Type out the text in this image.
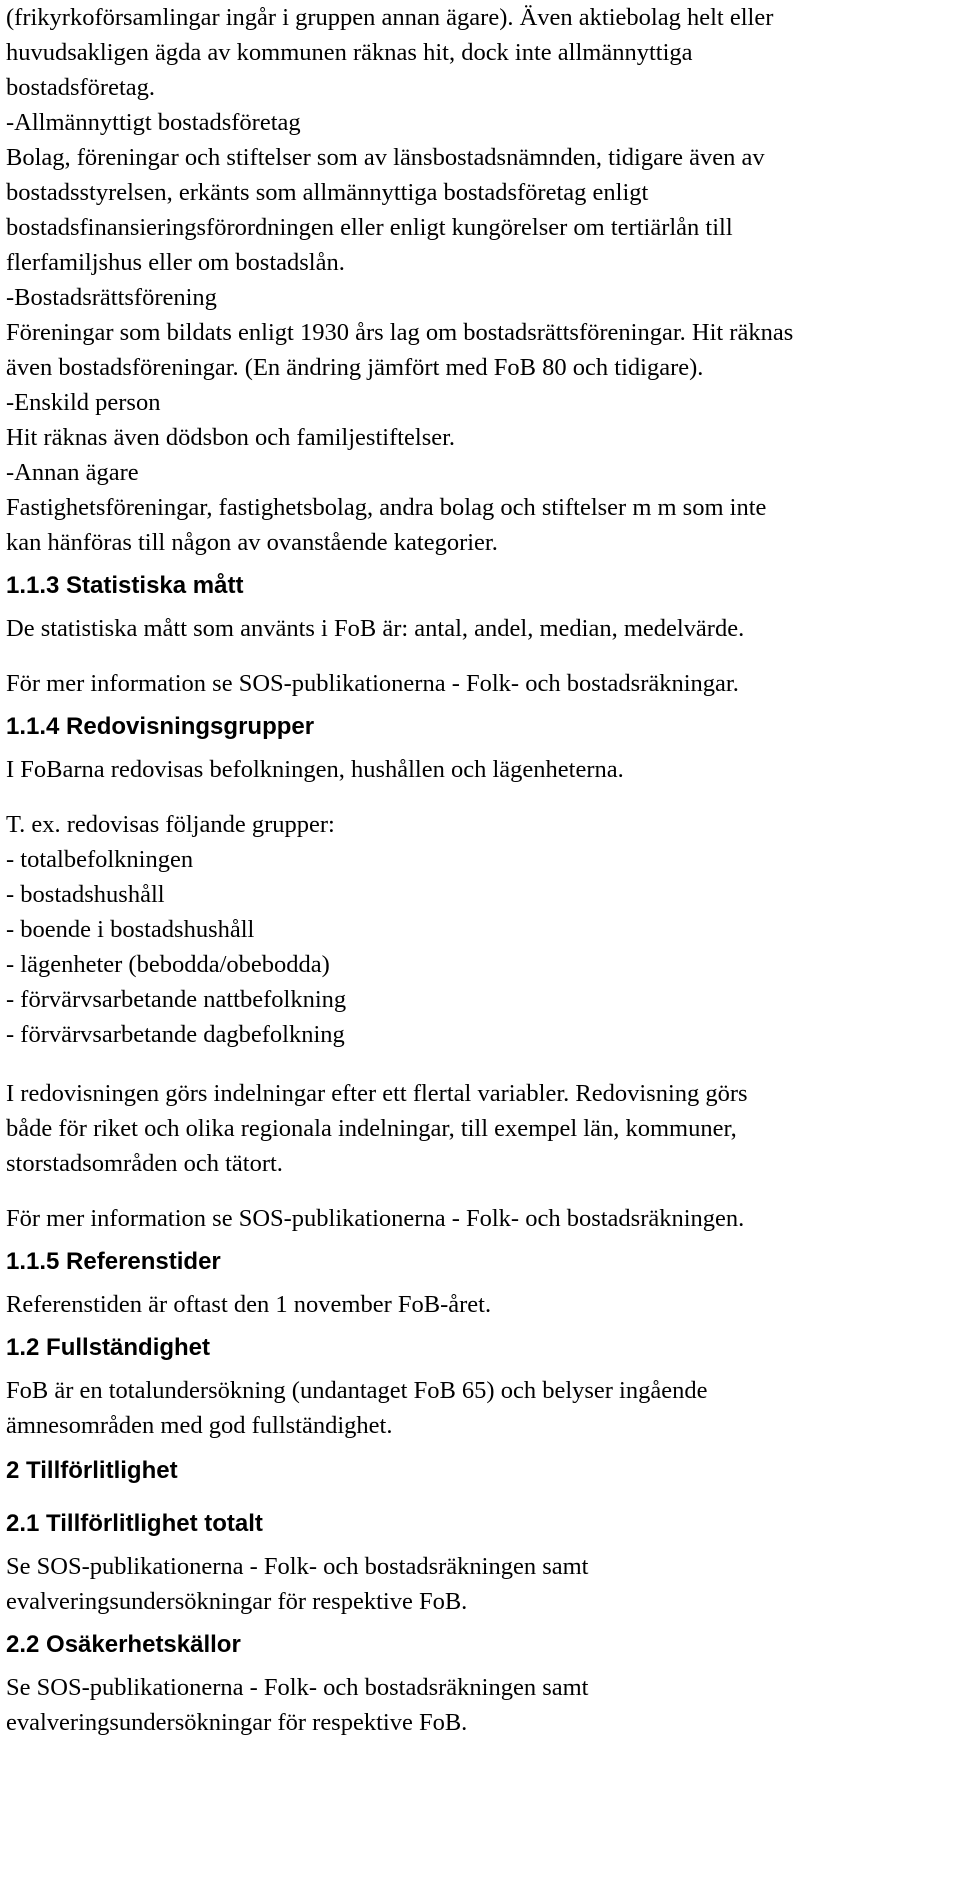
(frikyrkoförsamlingar ingår i gruppen annan ägare). Även aktiebolag helt eller

huvudsakligen ägda av kommunen räknas hit, dock inte allmännyttiga

bostadsföretag.

-Allmännyttigt bostadsföretag

Bolag, föreningar och stiftelser som av länsbostadsnämnden, tidigare även av

bostadsstyrelsen, erkänts som allmännyttiga bostadsföretag enligt

bostadsfinansieringsförordningen eller enligt kungörelser om tertiärlån till

flerfamiljshus eller om bostadslån.

-Bostadsrättsförening

Föreningar som bildats enligt 1930 års lag om bostadsrättsföreningar. Hit räknas

även bostadsföreningar. (En ändring jämfört med FoB 80 och tidigare).

-Enskild person

Hit räknas även dödsbon och familjestiftelser.

-Annan ägare

Fastighetsföreningar, fastighetsbolag, andra bolag och stiftelser m m som inte

kan hänföras till någon av ovanstående kategorier.

1.1.3 Statistiska mått

De statistiska mått som använts i FoB är: antal, andel, median, medelvärde.

För mer information se SOS-publikationerna - Folk- och bostadsräkningar.

1.1.4 Redovisningsgrupper

I FoBarna redovisas befolkningen, hushållen och lägenheterna.

T. ex. redovisas följande grupper:

- totalbefolkningen

- bostadshushåll

- boende i bostadshushåll

- lägenheter (bebodda/obebodda)

- förvärvsarbetande nattbefolkning

- förvärvsarbetande dagbefolkning

I redovisningen görs indelningar efter ett flertal variabler. Redovisning görs

både för riket och olika regionala indelningar, till exempel län, kommuner,

storstadsområden och tätort.

För mer information se SOS-publikationerna - Folk- och bostadsräkningen.

1.1.5 Referenstider

Referenstiden är oftast den 1 november FoB-året.

1.2 Fullständighet

FoB är en totalundersökning (undantaget FoB 65) och belyser ingående

ämnesområden med god fullständighet.

2 Tillförlitlighet

2.1 Tillförlitlighet totalt

Se SOS-publikationerna - Folk- och bostadsräkningen samt

evalveringsundersökningar för respektive FoB.

2.2 Osäkerhetskällor

Se SOS-publikationerna - Folk- och bostadsräkningen samt

evalveringsundersökningar för respektive FoB.
